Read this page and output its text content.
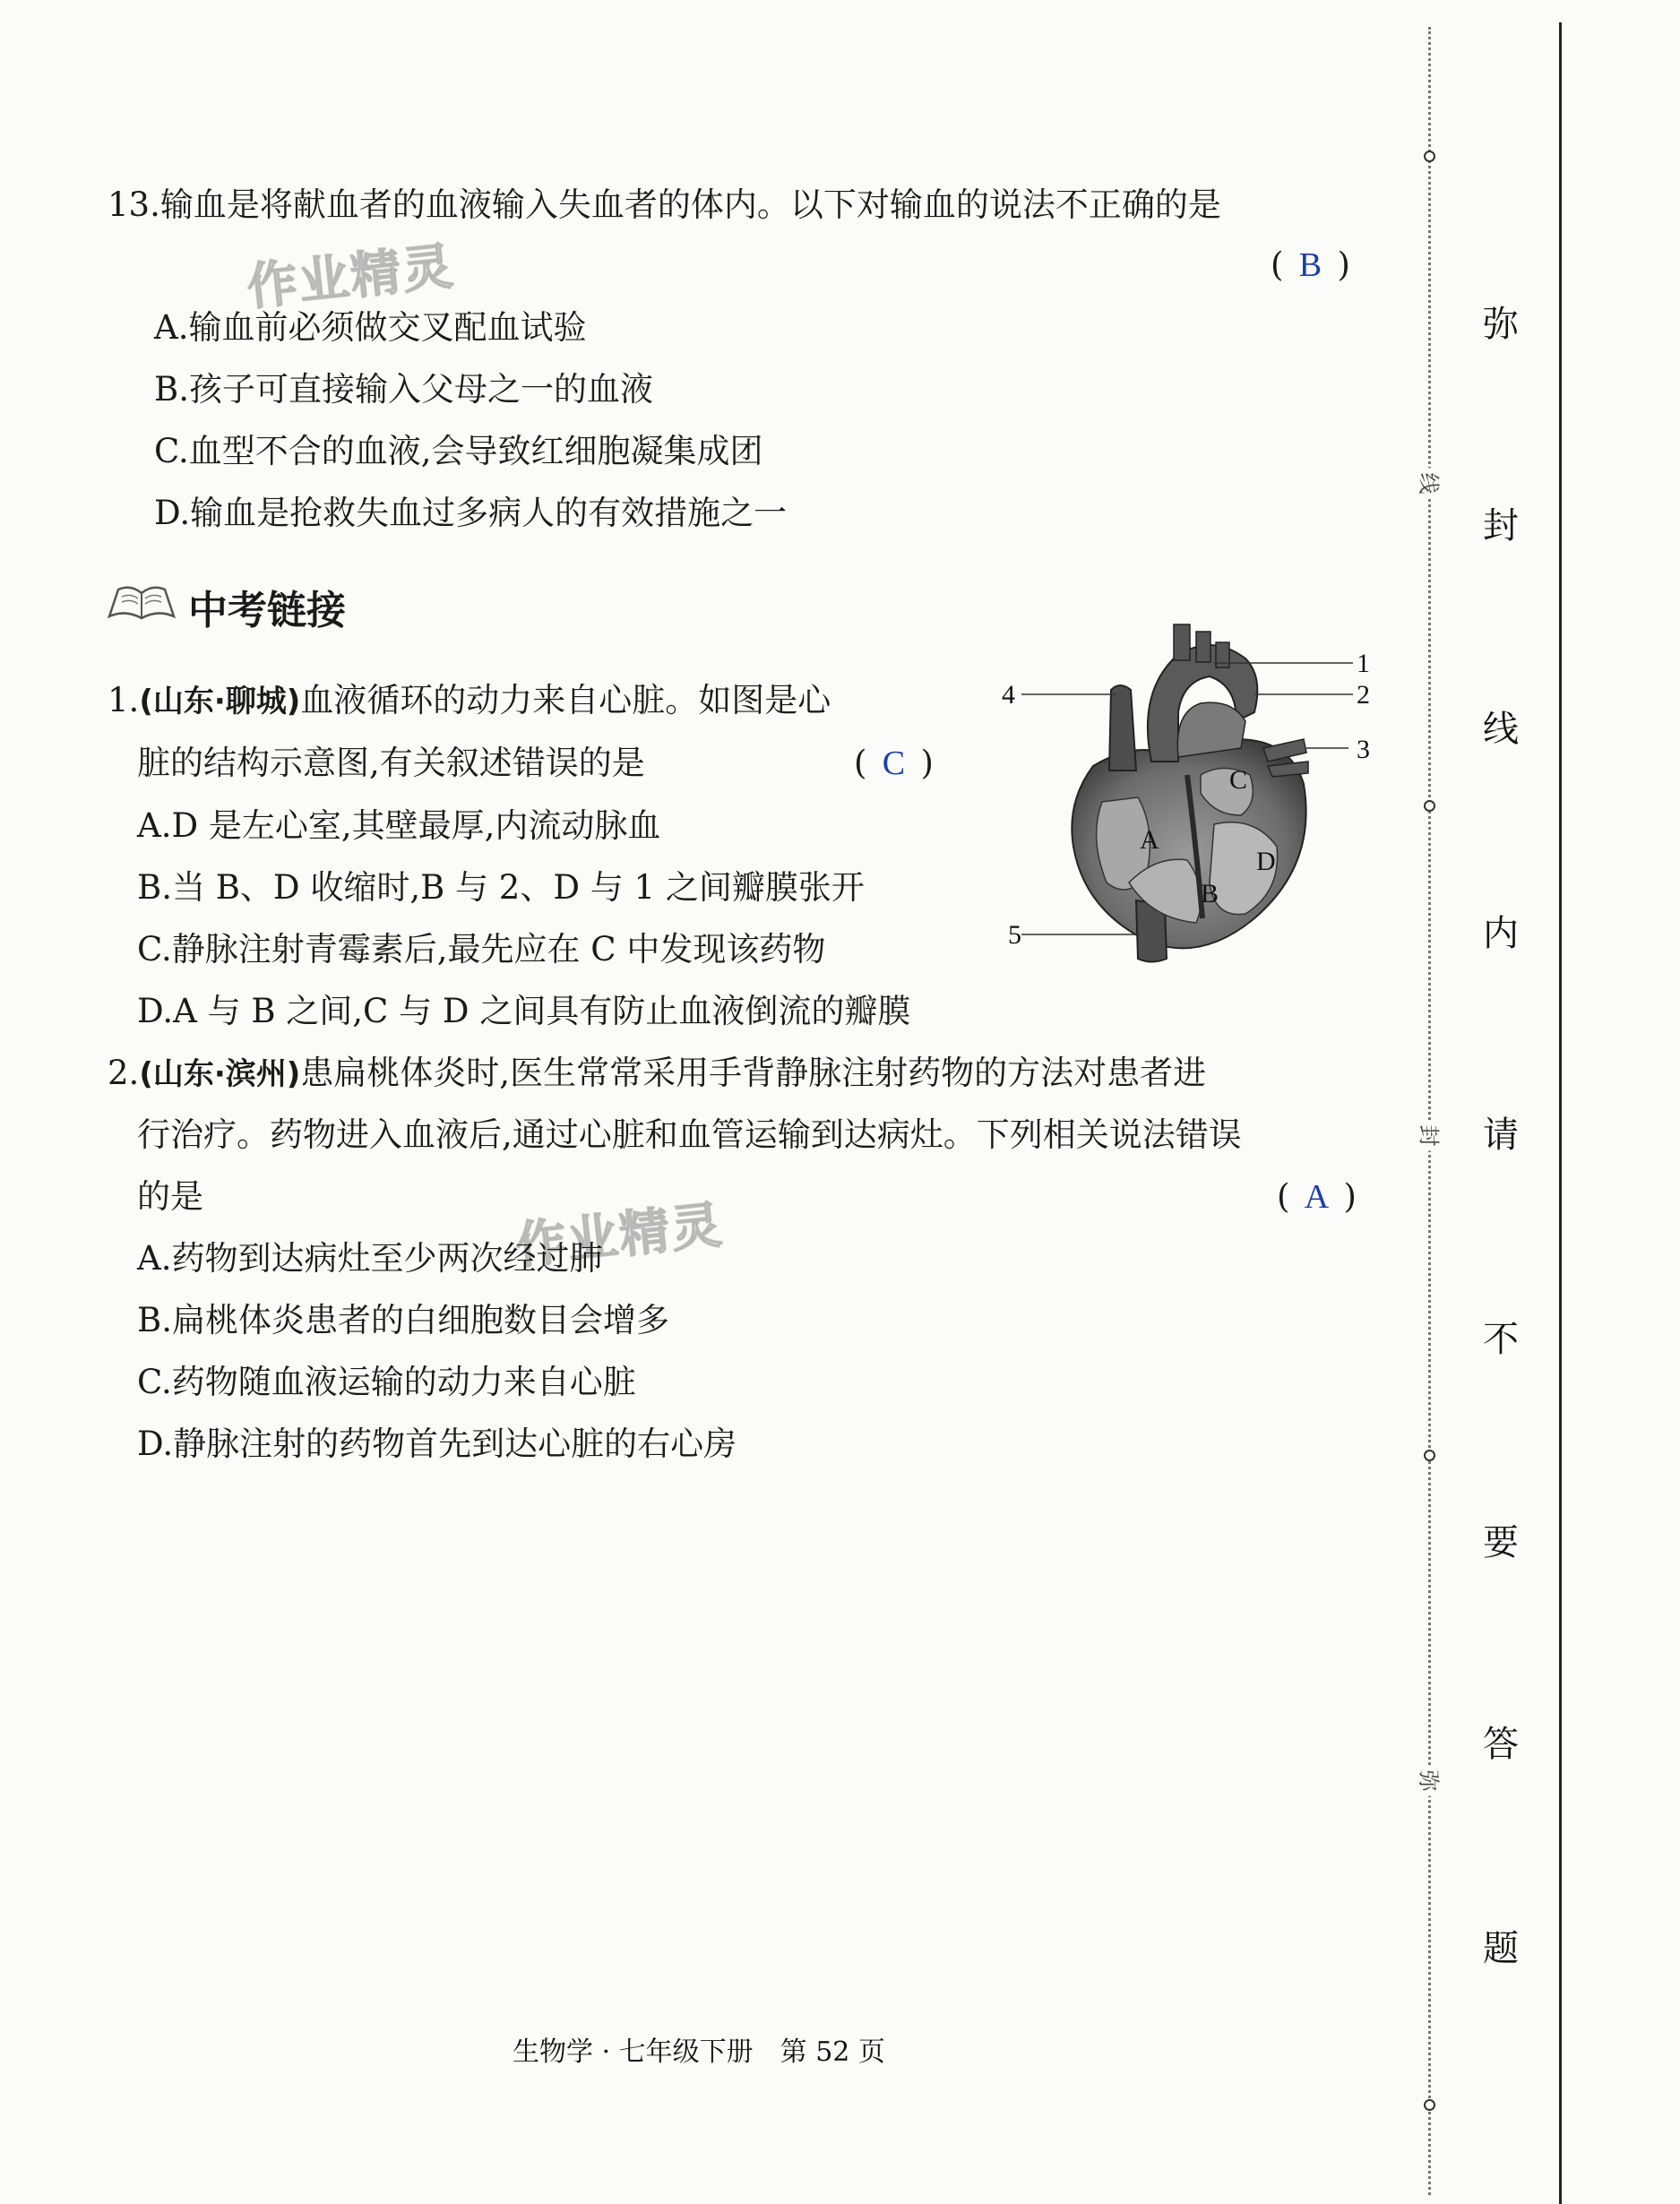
作业精灵
作业精灵
13.输血是将献血者的血液输入失血者的体内。以下对输血的说法不正确的是
( B )
A.输血前必须做交叉配血试验
B.孩子可直接输入父母之一的血液
C.血型不合的血液,会导致红细胞凝集成团
D.输血是抢救失血过多病人的有效措施之一
中考链接
1.(山东·聊城)血液循环的动力来自心脏。如图是心
脏的结构示意图,有关叙述错误的是	( C )
A.D 是左心室,其壁最厚,内流动脉血
B.当 B、D 收缩时,B 与 2、D 与 1 之间瓣膜张开
C.静脉注射青霉素后,最先应在 C 中发现该药物
D.A 与 B 之间,C 与 D 之间具有防止血液倒流的瓣膜
A
B
C
D
1
2
3
4
5
2.(山东·滨州)患扁桃体炎时,医生常常采用手背静脉注射药物的方法对患者进
行治疗。药物进入血液后,通过心脏和血管运输到达病灶。下列相关说法错误
的是	( A )
A.药物到达病灶至少两次经过肺
B.扁桃体炎患者的白细胞数目会增多
C.药物随血液运输的动力来自心脏
D.静脉注射的药物首先到达心脏的右心房
线
封
弥
弥
封
线
内
请
不
要
答
题
生物学 · 七年级下册　第 52 页
